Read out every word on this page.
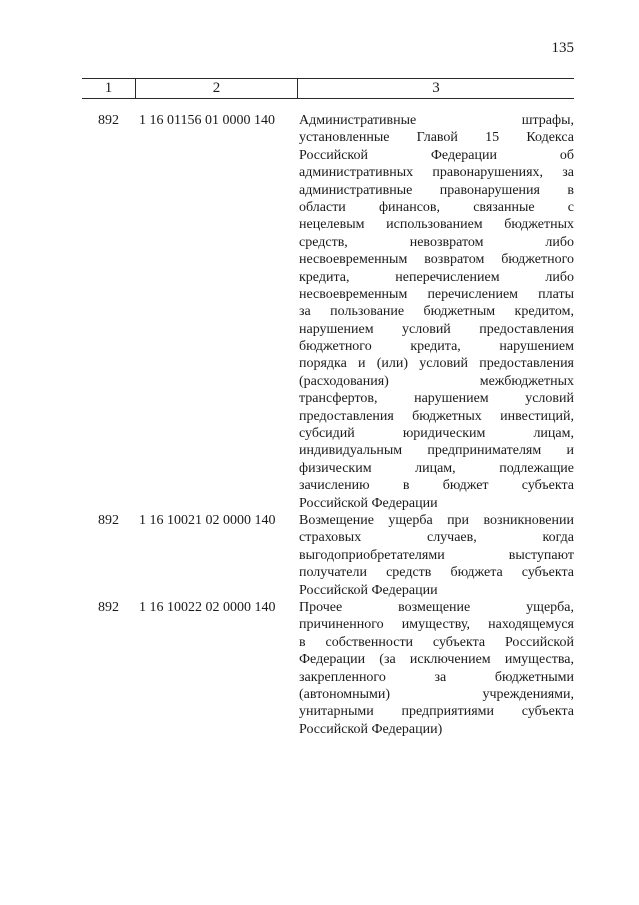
135
1	2	3
892	1 16 01156 01 0000 140	Административные штрафы,
установленные Главой 15 Кодекса
Российской Федерации об
административных правонарушениях, за
административные правонарушения в
области финансов, связанные с
нецелевым использованием бюджетных
средств, невозвратом либо
несвоевременным возвратом бюджетного
кредита, неперечислением либо
несвоевременным перечислением платы
за пользование бюджетным кредитом,
нарушением условий предоставления
бюджетного кредита, нарушением
порядка и (или) условий предоставления
(расходования) межбюджетных
трансфертов, нарушением условий
предоставления бюджетных инвестиций,
субсидий юридическим лицам,
индивидуальным предпринимателям и
физическим лицам, подлежащие
зачислению в бюджет субъекта
Российской Федерации
892	1 16 10021 02 0000 140	Возмещение ущерба при возникновении
страховых случаев, когда
выгодоприобретателями выступают
получатели средств бюджета субъекта
Российской Федерации
892	1 16 10022 02 0000 140	Прочее возмещение ущерба,
причиненного имуществу, находящемуся
в собственности субъекта Российской
Федерации (за исключением имущества,
закрепленного за бюджетными
(автономными) учреждениями,
унитарными предприятиями субъекта
Российской Федерации)
